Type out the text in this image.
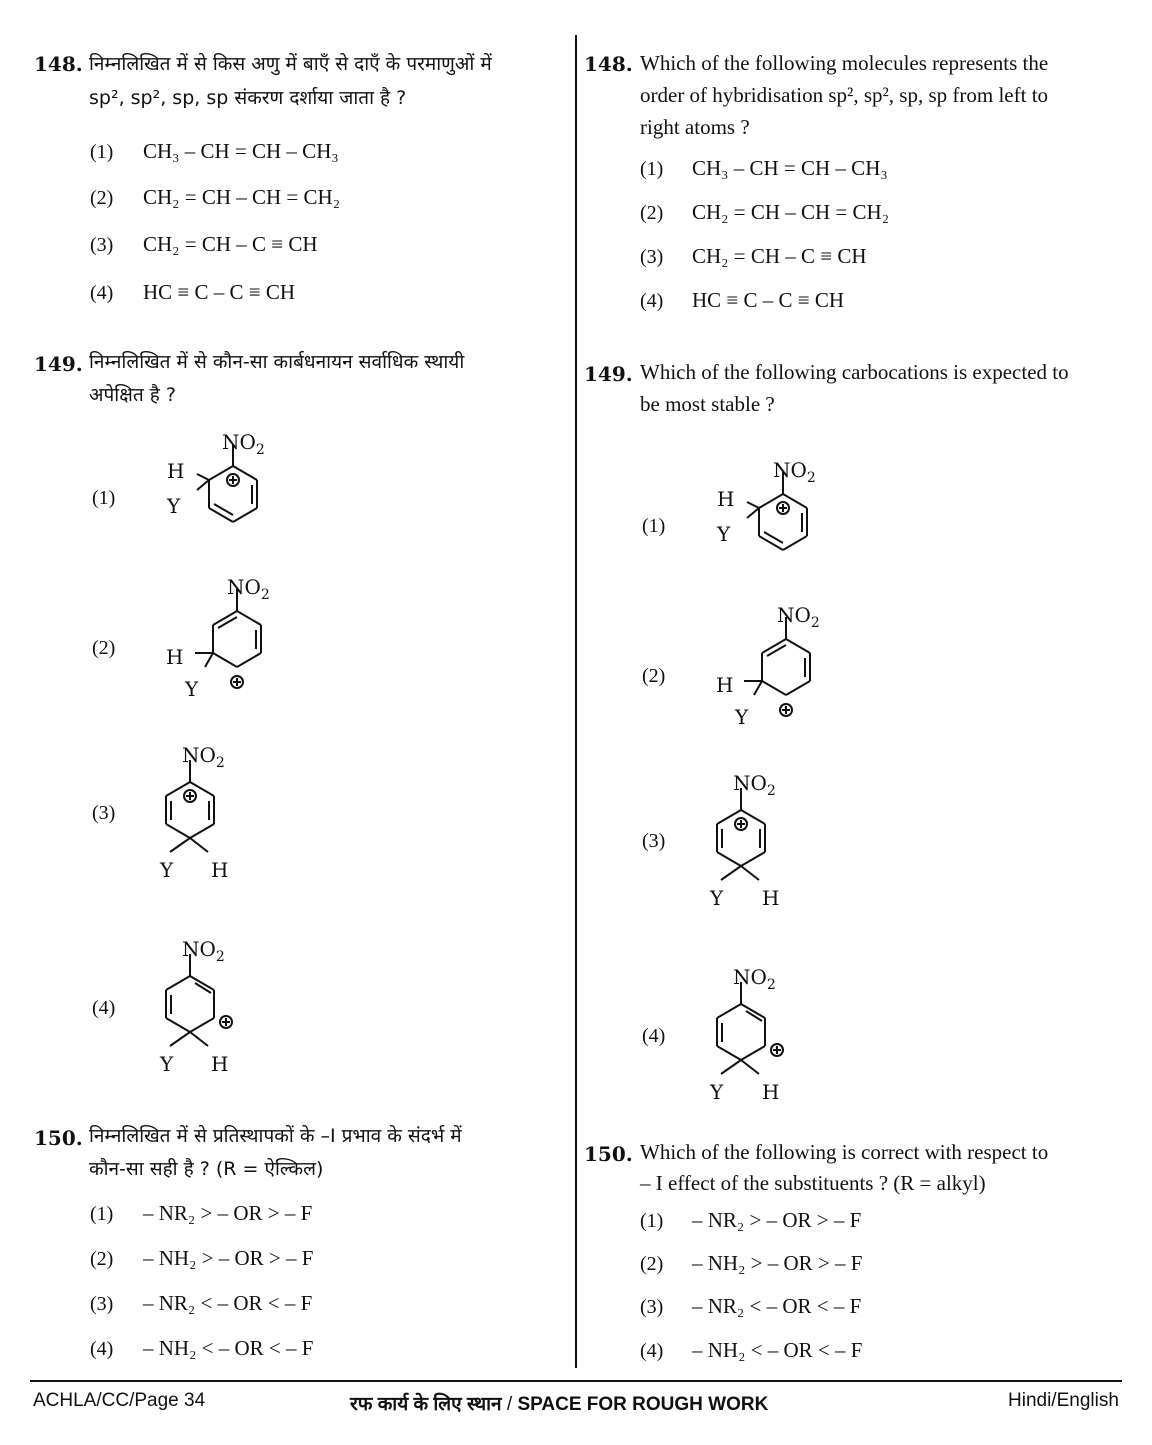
148. निम्नलिखित में से किस अणु में बाएँ से दाएँ के परमाणुओं में
sp², sp², sp, sp संकरण दर्शाया जाता है ?
(1) CH₃ – CH = CH – CH₃
(2) CH₂ = CH – CH = CH₂
(3) CH₂ = CH – C ≡ CH
(4) HC ≡ C – C ≡ CH
149. निम्नलिखित में से कौन-सा कार्बधनायन सर्वाधिक स्थायी
अपेक्षित है ?
(1)
(2)
(3)
(4)
150. निम्नलिखित में से प्रतिस्थापकों के –I प्रभाव के संदर्भ में
कौन-सा सही है ? (R = ऐल्किल)
(1) – NR₂ > – OR > – F
(2) – NH₂ > – OR > – F
(3) – NR₂ < – OR < – F
(4) – NH₂ < – OR < – F
148. Which of the following molecules represents the
order of hybridisation sp², sp², sp, sp from left to
right atoms ?
(1) CH₃ – CH = CH – CH₃
(2) CH₂ = CH – CH = CH₂
(3) CH₂ = CH – C ≡ CH
(4) HC ≡ C – C ≡ CH
149. Which of the following carbocations is expected to
be most stable ?
(1)
(2)
(3)
(4)
150. Which of the following is correct with respect to
– I effect of the substituents ? (R = alkyl)
(1) – NR₂ > – OR > – F
(2) – NH₂ > – OR > – F
(3) – NR₂ < – OR < – F
(4) – NH₂ < – OR < – F
$NO_2$
H
Y
$NO_2$
H
Y
$NO_2$
Y H
$NO_2$
Y H
$NO_2$
H
Y
$NO_2$
H
Y
$NO_2$
Y H
$NO_2$
Y H
ACHLA/CC/Page 34	रफ कार्य के लिए स्थान / SPACE FOR ROUGH WORK	Hindi/English
